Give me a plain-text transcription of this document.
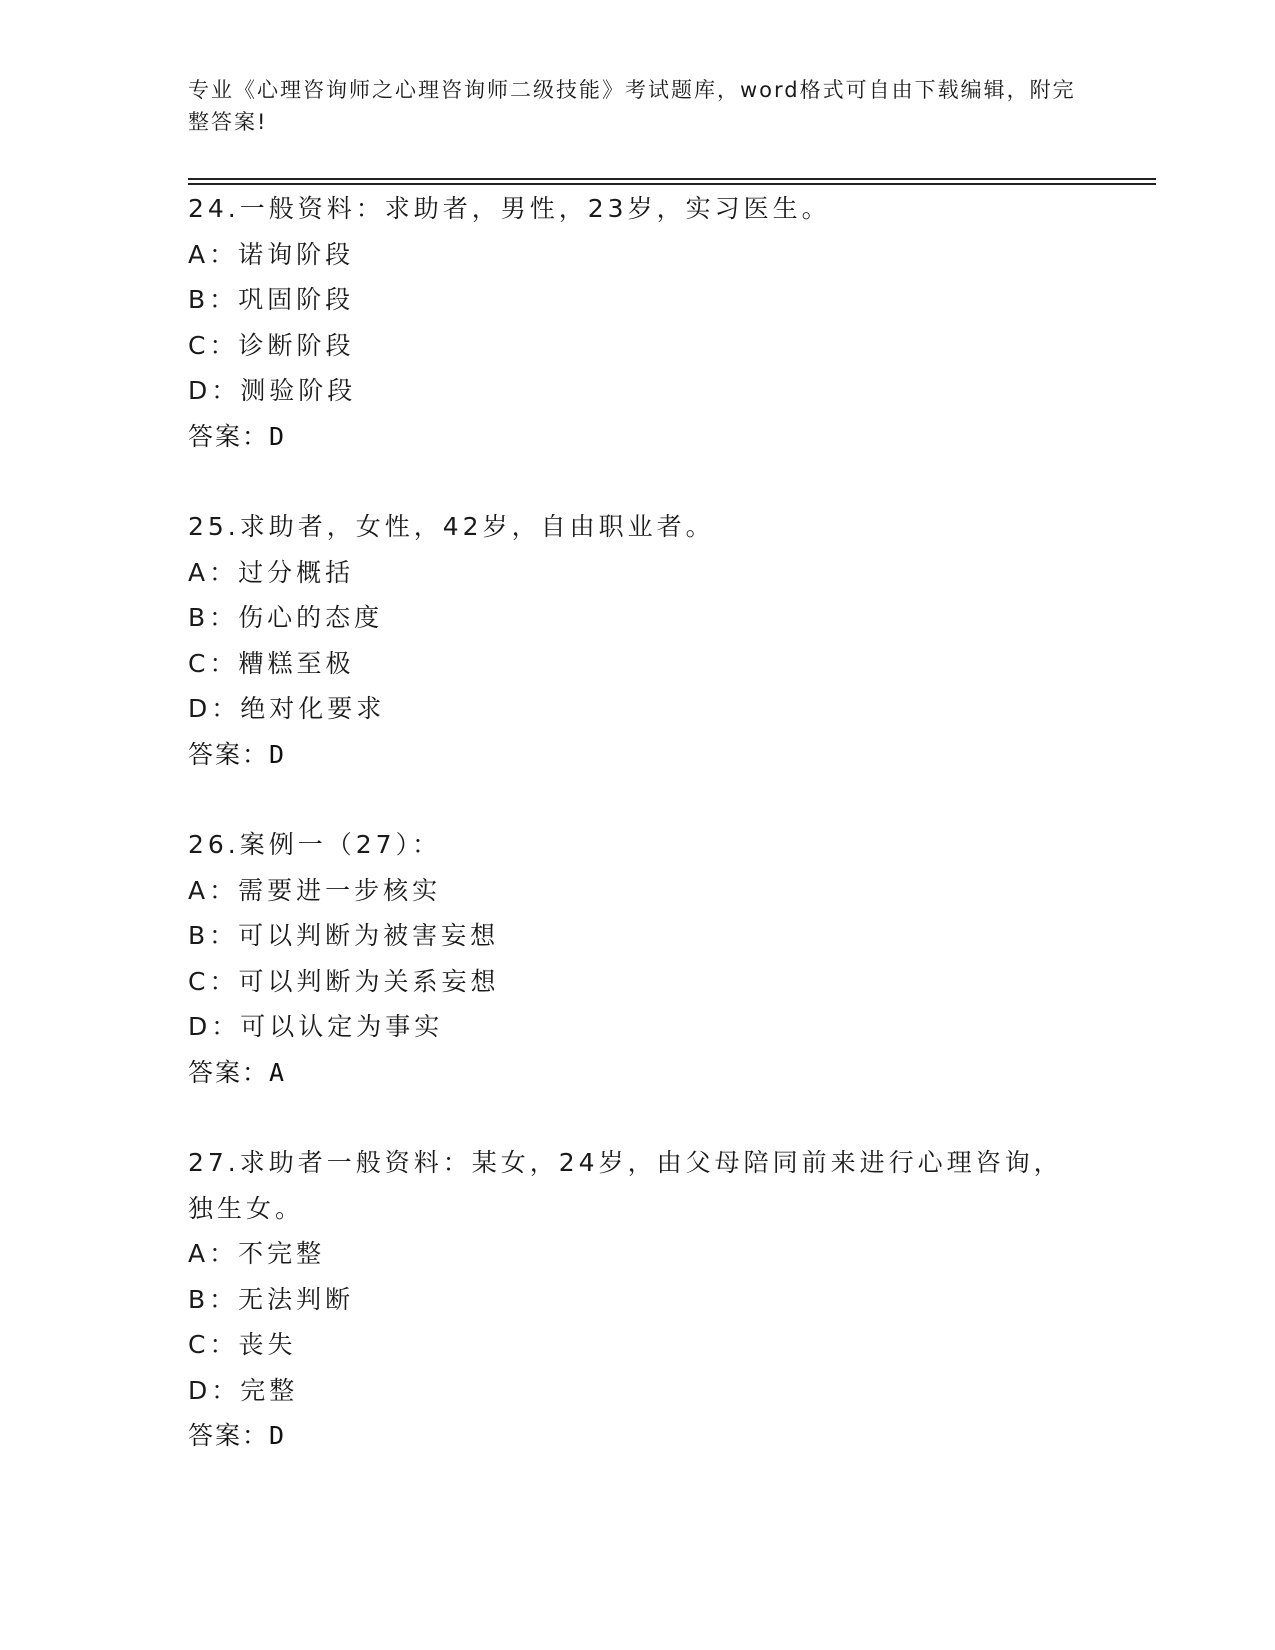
专业《心理咨询师之心理咨询师二级技能》考试题库，word格式可自由下载编辑，附完整答案!
24.一般资料：求助者，男性，23岁，实习医生。
A：诺询阶段
B：巩固阶段
C：诊断阶段
D：测验阶段
答案：D
25.求助者，女性，42岁，自由职业者。
A：过分概括
B：伤心的态度
C：糟糕至极
D：绝对化要求
答案：D
26.案例一（27）：
A：需要进一步核实
B：可以判断为被害妄想
C：可以判断为关系妄想
D：可以认定为事实
答案：A
27.求助者一般资料：某女，24岁，由父母陪同前来进行心理咨询，独生女。
A：不完整
B：无法判断
C：丧失
D：完整
答案：D
